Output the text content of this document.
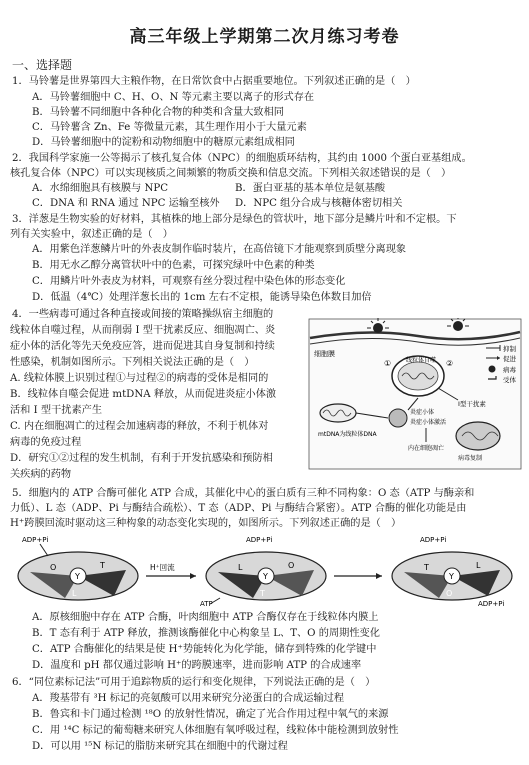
高三年级上学期第二次月练习考卷
一、选择题
1．马铃薯是世界第四大主粮作物，在日常饮食中占据重要地位。下列叙述正确的是（　）
A．马铃薯细胞中 C、H、O、N 等元素主要以离子的形式存在
B．马铃薯不同细胞中各种化合物的种类和含量大致相同
C．马铃薯含 Zn、Fe 等微量元素，其生理作用小于大量元素
D．马铃薯细胞中的淀粉和动物细胞中的糖原元素组成相同
2．我国科学家施一公等揭示了核孔复合体（NPC）的细胞质环结构，其约由 1000 个蛋白亚基组成。
核孔复合体（NPC）可以实现核质之间频繁的物质交换和信息交流。下列相关叙述错误的是（　）
A．水绵细胞具有核膜与 NPC	B．蛋白亚基的基本单位是氨基酸
C．DNA 和 RNA 通过 NPC 运输至核外	D．NPC 组分合成与核糖体密切相关
3．洋葱是生物实验的好材料，其植株的地上部分是绿色的管状叶，地下部分是鳞片叶和不定根。下
列有关实验中，叙述正确的是（　）
A．用紫色洋葱鳞片叶的外表皮制作临时装片，在高倍镜下才能观察到质壁分离现象
B．用无水乙醇分离管状叶中的色素，可探究绿叶中色素的种类
C．用鳞片叶外表皮为材料，可观察有丝分裂过程中染色体的形态变化
D．低温（4℃）处理洋葱长出的 1cm 左右不定根，能诱导染色体数目加倍
4．一些病毒可通过各种直接或间接的策略操纵宿主细胞的
线粒体自噬过程，从而削弱 I 型干扰素反应、细胞凋亡、炎
症小体的活化等先天免疫应答，进而促进其自身复制和持续
性感染，机制如图所示。下列相关说法正确的是（　）
A. 线粒体膜上识别过程①与过程②的病毒的受体是相同的
B．线粒体自噬会促进 mtDNA 释放，从而促进炎症小体激
活和 I 型干扰素产生
C. 内在细胞凋亡的过程会加速病毒的释放，不利于机体对
病毒的免疫过程
D．研究①②过程的发生机制，有利于开发抗感染和预防相
关疾病的药物
细胞膜
抑制
促进
病毒
受体
线粒体自噬
①	②
mtDNA为线粒体DNA
炎症小体
炎症小体激活
I型干扰素
病毒复制
内在细胞凋亡
5．细胞内的 ATP 合酶可催化 ATP 合成，其催化中心的蛋白质有三种不同构象：O 态（ATP 与酶亲和
力低）、L 态（ADP、Pi 与酶结合疏松）、T 态（ADP、Pi 与酶结合紧密）。ATP 合酶的催化功能是由
H⁺跨膜回流时驱动这三种构象的动态变化实现的，如图所示。下列叙述正确的是（　）
Y
O	T
L
ADP+Pi
H⁺回流
Y
L	O
T
ADP+Pi
ATP
Y
T	L
O
ADP+Pi
ADP+Pi
A．原核细胞中存在 ATP 合酶，叶肉细胞中 ATP 合酶仅存在于线粒体内膜上
B．T 态有利于 ATP 释放，推测该酶催化中心构象呈 L、T、O 的周期性变化
C．ATP 合酶催化的结果是使 H⁺势能转化为化学能，储存到特殊的化学键中
D．温度和 pH 都仅通过影响 H⁺的跨膜速率，进而影响 ATP 的合成速率
6．“同位素标记法”可用于追踪物质的运行和变化规律，下列说法正确的是（　）
A．羧基带有 ³H 标记的亮氨酸可以用来研究分泌蛋白的合成运输过程
B．鲁宾和卡门通过检测 ¹⁸O 的放射性情况，确定了光合作用过程中氧气的来源
C．用 ¹⁴C 标记的葡萄糖来研究人体细胞有氧呼吸过程，线粒体中能检测到放射性
D．可以用 ¹⁵N 标记的脂肪来研究其在细胞中的代谢过程
